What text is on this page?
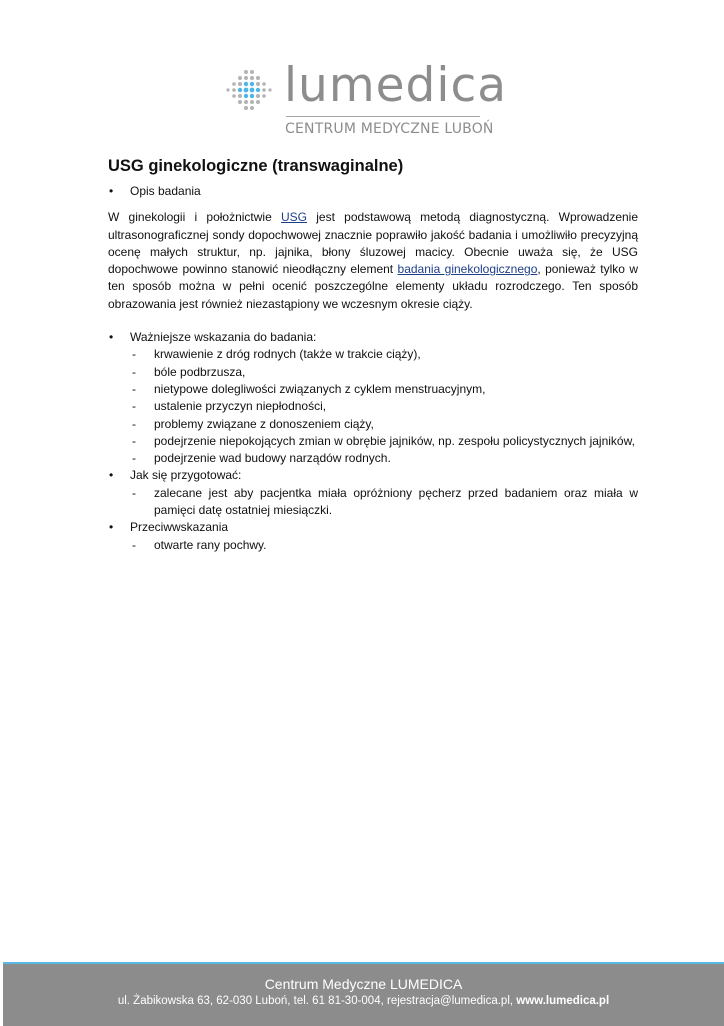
lumedica
CENTRUM MEDYCZNE LUBOŃ
USG ginekologiczne (transwaginalne)
• Opis badania

W ginekologii i położnictwie USG jest podstawową metodą diagnostyczną. Wprowadzenie ultrasonograficznej sondy dopochwowej znacznie poprawiło jakość badania i umożliwiło precyzyjną ocenę małych struktur, np. jajnika, błony śluzowej macicy. Obecnie uważa się, że USG dopochwowe powinno stanowić nieodłączny element badania ginekologicznego, ponieważ tylko w ten sposób można w pełni ocenić poszczególne elementy układu rozrodczego. Ten sposób obrazowania jest również niezastąpiony we wczesnym okresie ciąży.

• Ważniejsze wskazania do badania:
- krwawienie z dróg rodnych (także w trakcie ciąży),
- bóle podbrzusza,
- nietypowe dolegliwości związanych z cyklem menstruacyjnym,
- ustalenie przyczyn niepłodności,
- problemy związane z donoszeniem ciąży,
- podejrzenie niepokojących zmian w obrębie jajników, np. zespołu policystycznych jajników,
- podejrzenie wad budowy narządów rodnych.
• Jak się przygotować:
- zalecane jest aby pacjentka miała opróżniony pęcherz przed badaniem oraz miała w pamięci datę ostatniej miesiączki.
• Przeciwwskazania
- otwarte rany pochwy.
Centrum Medyczne LUMEDICA
ul. Żabikowska 63, 62-030 Luboń, tel. 61 81-30-004, rejestracja@lumedica.pl, www.lumedica.pl
